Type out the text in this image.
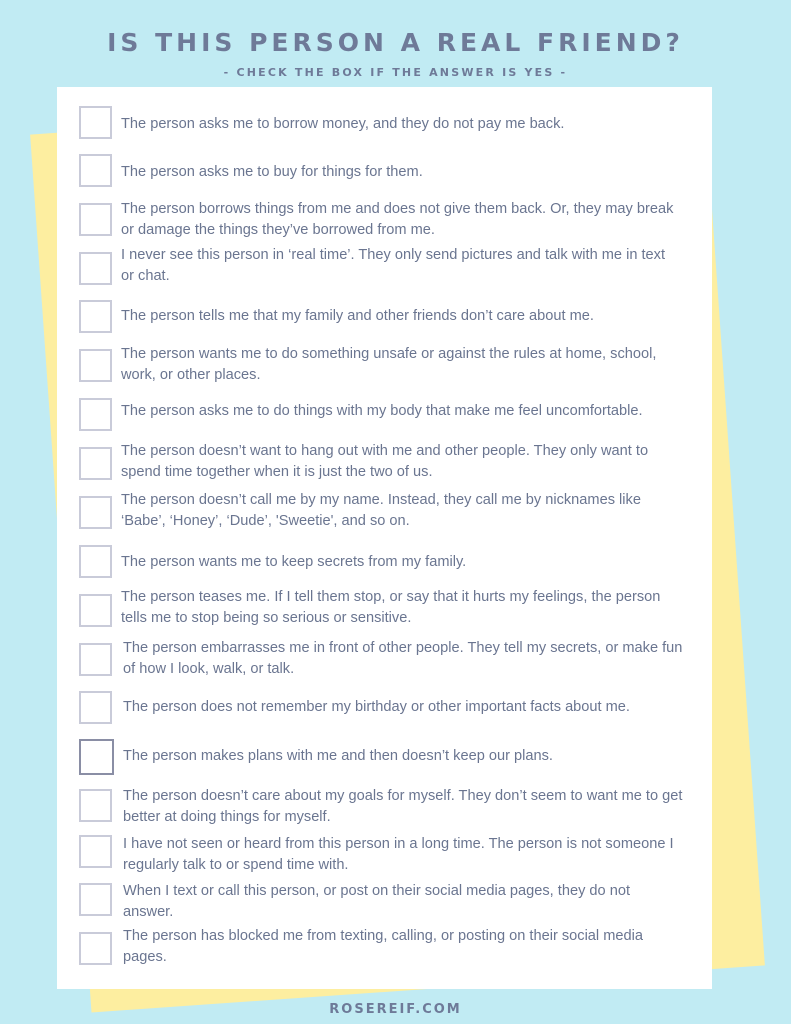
IS THIS PERSON A REAL FRIEND?

- CHECK THE BOX IF THE ANSWER IS YES -

The person asks me to borrow money, and they do not pay me back.
The person asks me to buy for things for them.
The person borrows things from me and does not give them back. Or, they may break or damage the things they’ve borrowed from me.
I never see this person in ‘real time’. They only send pictures and talk with me in text or chat.
The person tells me that my family and other friends don’t care about me.
The person wants me to do something unsafe or against the rules at home, school, work, or other places.
The person asks me to do things with my body that make me feel uncomfortable.
The person doesn’t want to hang out with me and other people. They only want to spend time together when it is just the two of us.
The person doesn’t call me by my name. Instead, they call me by nicknames like ‘Babe’, ‘Honey’, ‘Dude’, 'Sweetie', and so on.
The person wants me to keep secrets from my family.
The person teases me. If I tell them stop, or say that it hurts my feelings, the person tells me to stop being so serious or sensitive.
The person embarrasses me in front of other people. They tell my secrets, or make fun of how I look, walk, or talk.
The person does not remember my birthday or other important facts about me.
The person makes plans with me and then doesn’t keep our plans.
The person doesn’t care about my goals for myself. They don’t seem to want me to get better at doing things for myself.
I have not seen or heard from this person in a long time. The person is not someone I regularly talk to or spend time with.
When I text or call this person, or post on their social media pages, they do not answer.
The person has blocked me from texting, calling, or posting on their social media pages.

ROSEREIF.COM
